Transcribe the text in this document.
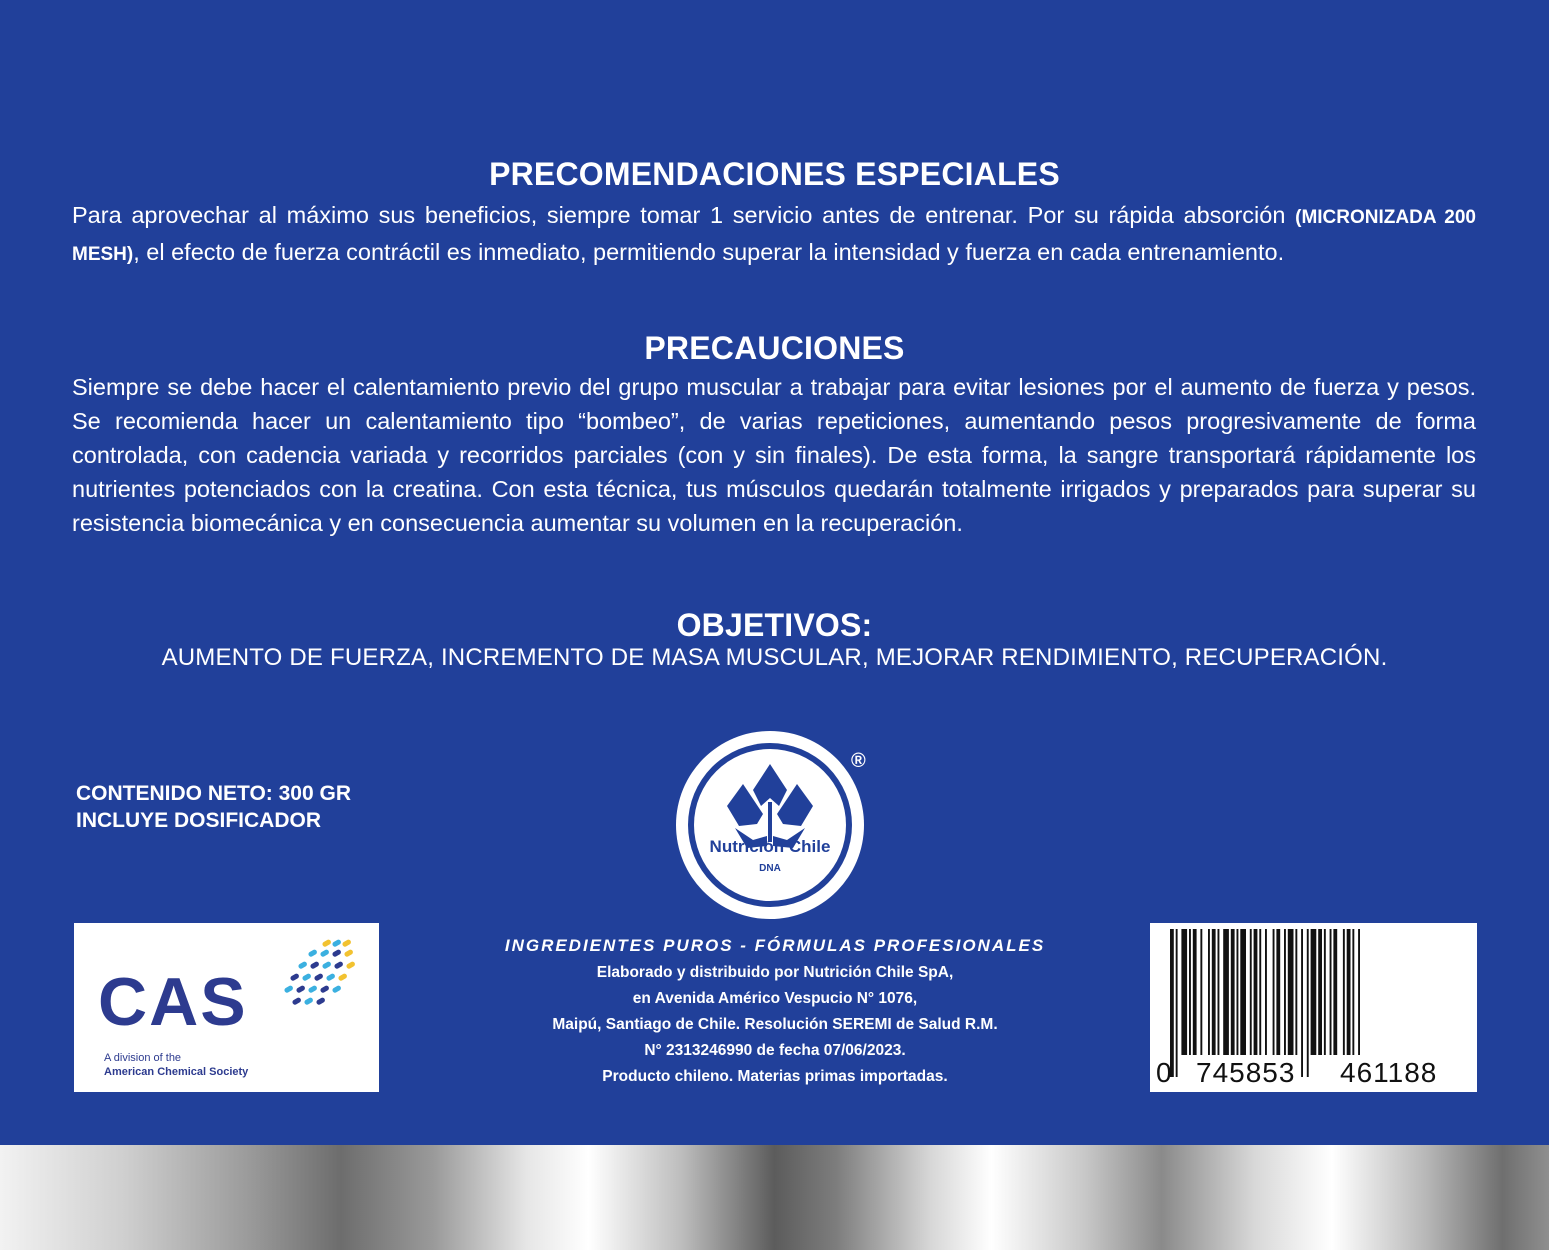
PRECOMENDACIONES ESPECIALES
Para aprovechar al máximo sus beneficios, siempre tomar 1 servicio antes de entrenar. Por su rápida absorción (MICRONIZADA 200 MESH), el efecto de fuerza contráctil es inmediato, permitiendo superar la intensidad y fuerza en cada entrenamiento.
PRECAUCIONES
Siempre se debe hacer el calentamiento previo del grupo muscular a trabajar para evitar lesiones por el aumento de fuerza y pesos. Se recomienda hacer un calentamiento tipo “bombeo”, de varias repeticiones, aumentando pesos progresivamente de forma controlada, con cadencia variada y recorridos parciales (con y sin finales). De esta forma, la sangre transportará rápidamente los nutrientes potenciados con la creatina. Con esta técnica, tus músculos quedarán totalmente irrigados y preparados para superar su resistencia biomecánica y en consecuencia aumentar su volumen en la recuperación.
OBJETIVOS:
AUMENTO DE FUERZA, INCREMENTO DE MASA MUSCULAR, MEJORAR RENDIMIENTO, RECUPERACIÓN.
CONTENIDO NETO: 300 GR
INCLUYE DOSIFICADOR
Nutrición Chile
DNA
®
CAS
A division of the
American Chemical Society
INGREDIENTES PUROS - FÓRMULAS PROFESIONALES
Elaborado y distribuido por Nutrición Chile SpA,
en Avenida Américo Vespucio N° 1076,
Maipú, Santiago de Chile. Resolución SEREMI de Salud R.M.
N° 2313246990 de fecha 07/06/2023.
Producto chileno. Materias primas importadas.	0 745853 461188
